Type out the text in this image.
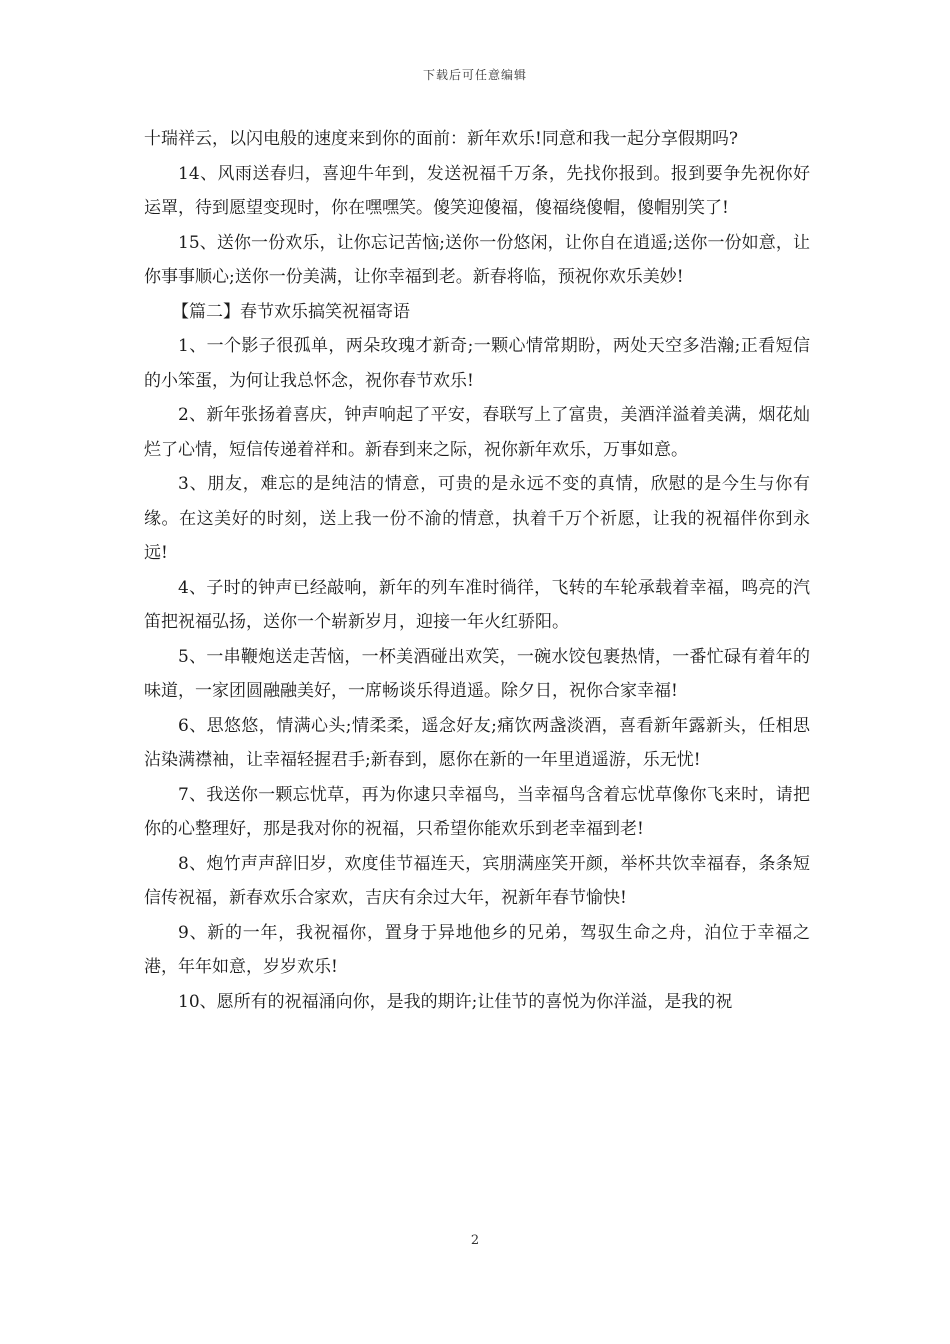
下载后可任意编辑

十瑞祥云，以闪电般的速度来到你的面前：新年欢乐!同意和我一起分享假期吗?

14、风雨送春归，喜迎牛年到，发送祝福千万条，先找你报到。报到要争先祝你好运罩，待到愿望变现时，你在嘿嘿笑。傻笑迎傻福，傻福绕傻帽，傻帽别笑了!

15、送你一份欢乐，让你忘记苦恼;送你一份悠闲，让你自在逍遥;送你一份如意，让你事事顺心;送你一份美满，让你幸福到老。新春将临，预祝你欢乐美妙!

【篇二】春节欢乐搞笑祝福寄语

1、一个影子很孤单，两朵玫瑰才新奇;一颗心情常期盼，两处天空多浩瀚;正看短信的小笨蛋，为何让我总怀念，祝你春节欢乐!

2、新年张扬着喜庆，钟声响起了平安，春联写上了富贵，美酒洋溢着美满，烟花灿烂了心情，短信传递着祥和。新春到来之际，祝你新年欢乐，万事如意。

3、朋友，难忘的是纯洁的情意，可贵的是永远不变的真情，欣慰的是今生与你有缘。在这美好的时刻，送上我一份不渝的情意，执着千万个祈愿，让我的祝福伴你到永远!

4、子时的钟声已经敲响，新年的列车准时徜徉，飞转的车轮承载着幸福，鸣亮的汽笛把祝福弘扬，送你一个崭新岁月，迎接一年火红骄阳。

5、一串鞭炮送走苦恼，一杯美酒碰出欢笑，一碗水饺包裹热情，一番忙碌有着年的味道，一家团圆融融美好，一席畅谈乐得逍遥。除夕日，祝你合家幸福!

6、思悠悠，情满心头;情柔柔，遥念好友;痛饮两盏淡酒，喜看新年露新头，任相思沾染满襟袖，让幸福轻握君手;新春到，愿你在新的一年里逍遥游，乐无忧!

7、我送你一颗忘忧草，再为你逮只幸福鸟，当幸福鸟含着忘忧草像你飞来时，请把你的心整理好，那是我对你的祝福，只希望你能欢乐到老幸福到老!

8、炮竹声声辞旧岁，欢度佳节福连天，宾朋满座笑开颜，举杯共饮幸福春，条条短信传祝福，新春欢乐合家欢，吉庆有余过大年，祝新年春节愉快!

9、新的一年，我祝福你，置身于异地他乡的兄弟，驾驭生命之舟，泊位于幸福之港，年年如意，岁岁欢乐!

10、愿所有的祝福涌向你，是我的期许;让佳节的喜悦为你洋溢，是我的祝

2
